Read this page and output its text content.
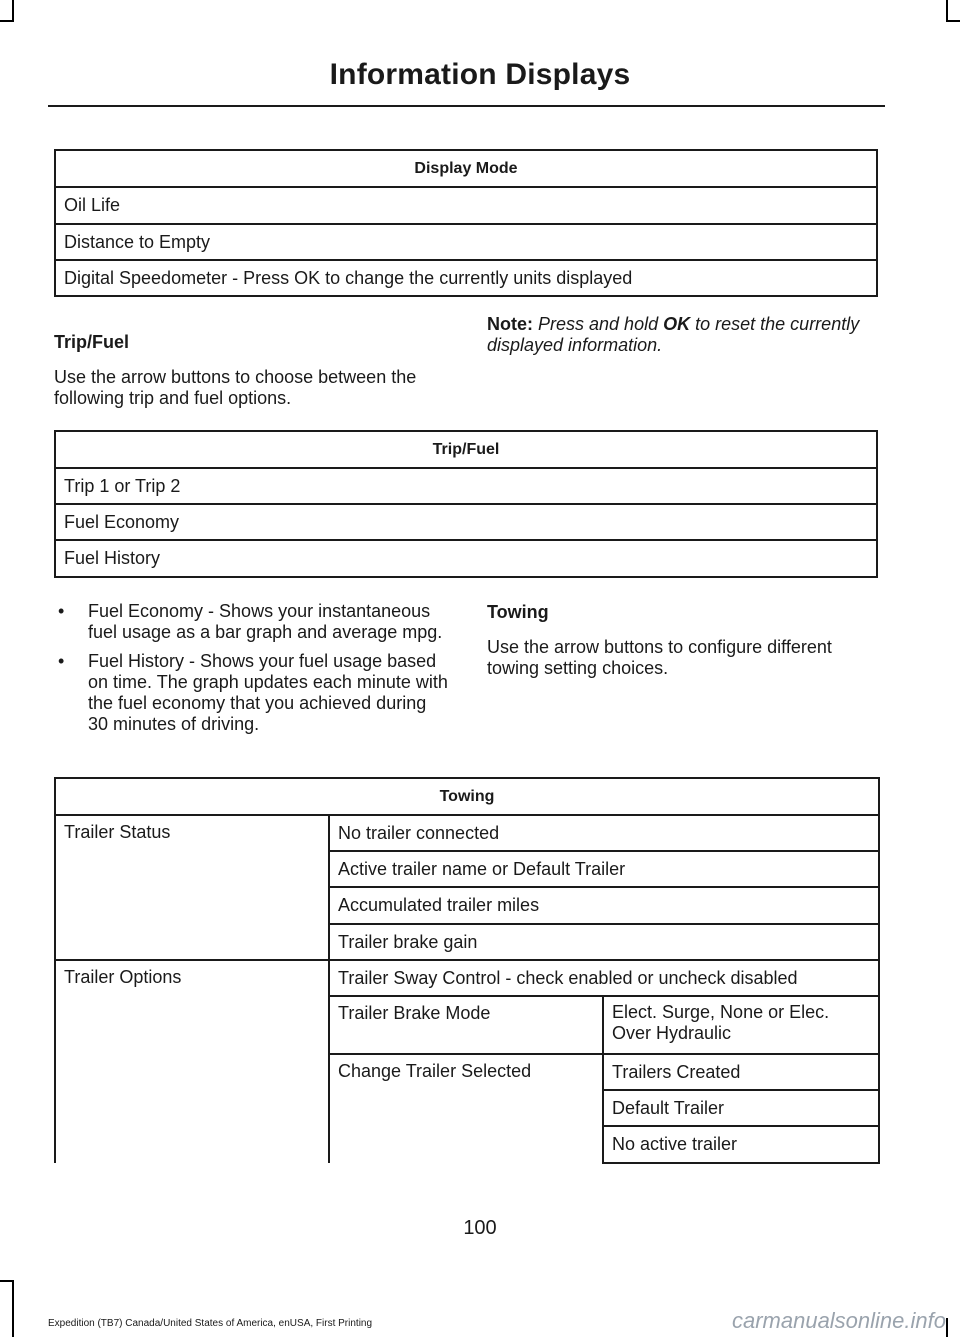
Information Displays
Display Mode
Oil Life
Distance to Empty
Digital Speedometer - Press OK to change the currently units displayed
Trip/Fuel
Use the arrow buttons to choose between the following trip and fuel options.
Note: Press and hold OK to reset the currently displayed information.
Trip/Fuel
Trip 1 or Trip 2
Fuel Economy
Fuel History
• Fuel Economy - Shows your instantaneous fuel usage as a bar graph and average mpg.
• Fuel History - Shows your fuel usage based on time. The graph updates each minute with the fuel economy that you achieved during 30 minutes of driving.
Towing
Use the arrow buttons to configure different towing setting choices.
Towing		
Trailer Status	No trailer connected	
	Active trailer name or Default Trailer	
	Accumulated trailer miles	
	Trailer brake gain	
Trailer Options	Trailer Sway Control - check enabled or uncheck disabled	
	Trailer Brake Mode	Elect. Surge, None or Elec. Over Hydraulic
	Change Trailer Selected	Trailers Created
		Default Trailer
		No active trailer
100
Expedition (TB7) Canada/United States of America, enUSA, First Printing	carmanualsonline.info
